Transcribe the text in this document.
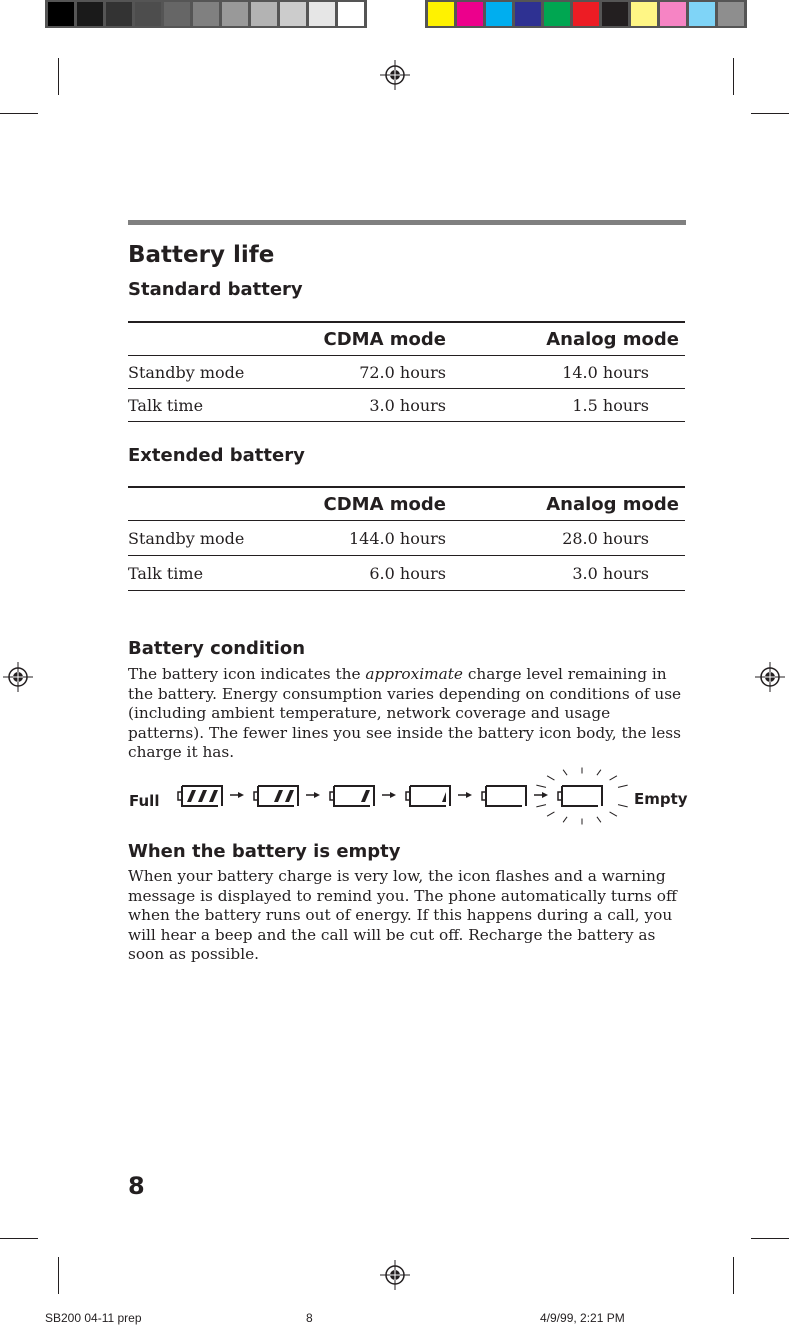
Battery life
Standard battery
	CDMA mode	Analog mode
Standby mode	72.0 hours	14.0 hours
Talk time	3.0 hours	1.5 hours
Extended battery
	CDMA mode	Analog mode
Standby mode	144.0 hours	28.0 hours
Talk time	6.0 hours	3.0 hours
Battery condition
The battery icon indicates the approximate charge level remaining in the battery. Energy consumption varies depending on conditions of use (including ambient temperature, network coverage and usage patterns). The fewer lines you see inside the battery icon body, the less charge it has.
Full	Empty
When the battery is empty
When your battery charge is very low, the icon flashes and a warning message is displayed to remind you. The phone automatically turns off when the battery runs out of energy. If this happens during a call, you will hear a beep and the call will be cut off. Recharge the battery as soon as possible.
8
SB200 04-11 prep	8	4/9/99, 2:21 PM
